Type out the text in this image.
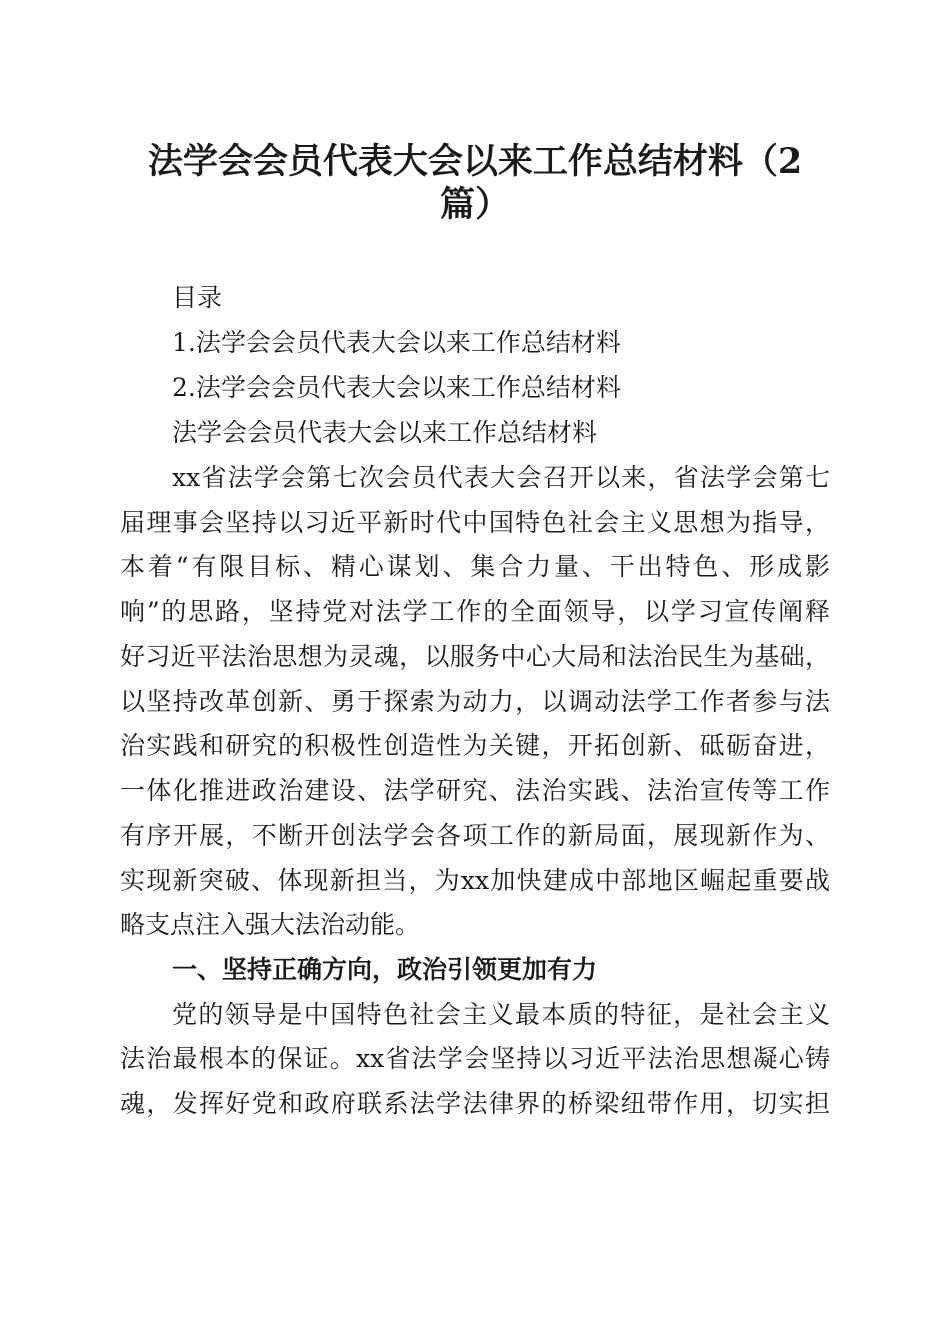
法学会会员代表大会以来工作总结材料（2
篇）
目录
1.法学会会员代表大会以来工作总结材料
2.法学会会员代表大会以来工作总结材料
法学会会员代表大会以来工作总结材料
xx省法学会第七次会员代表大会召开以来，省法学会第七
届理事会坚持以习近平新时代中国特色社会主义思想为指导，
本着“有限目标、精心谋划、集合力量、干出特色、形成影
响”的思路，坚持党对法学工作的全面领导，以学习宣传阐释
好习近平法治思想为灵魂，以服务中心大局和法治民生为基础，
以坚持改革创新、勇于探索为动力，以调动法学工作者参与法
治实践和研究的积极性创造性为关键，开拓创新、砥砺奋进，
一体化推进政治建设、法学研究、法治实践、法治宣传等工作
有序开展，不断开创法学会各项工作的新局面，展现新作为、
实现新突破、体现新担当，为xx加快建成中部地区崛起重要战
略支点注入强大法治动能。
一、坚持正确方向，政治引领更加有力
党的领导是中国特色社会主义最本质的特征，是社会主义
法治最根本的保证。xx省法学会坚持以习近平法治思想凝心铸
魂，发挥好党和政府联系法学法律界的桥梁纽带作用，切实担
